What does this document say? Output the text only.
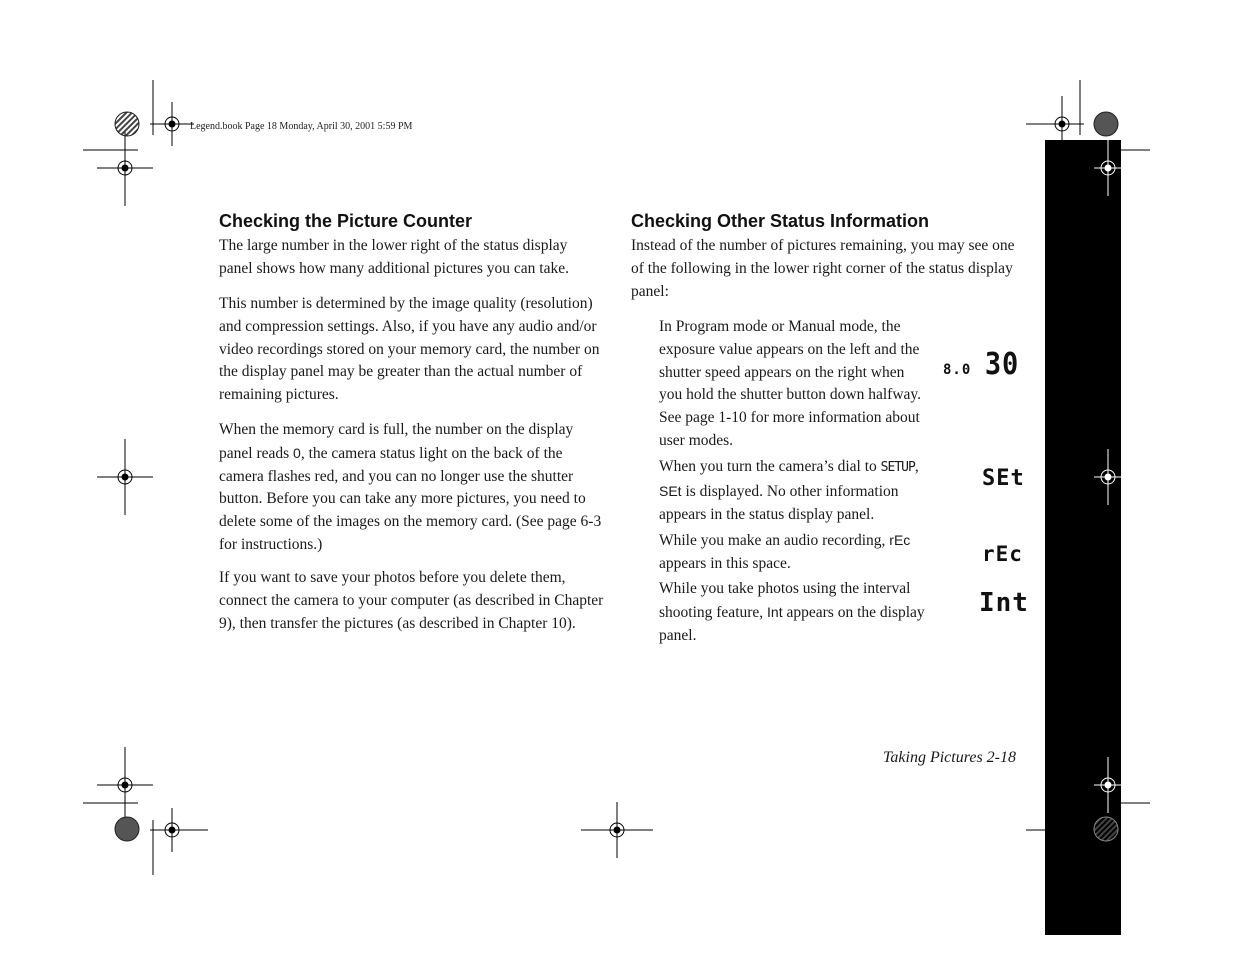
Legend.book Page 18 Monday, April 30, 2001 5:59 PM
Checking the Picture Counter

The large number in the lower right of the status display panel shows how many additional pictures you can take.

This number is determined by the image quality (resolution) and compression settings. Also, if you have any audio and/or video recordings stored on your memory card, the number on the display panel may be greater than the actual number of remaining pictures.

When the memory card is full, the number on the display panel reads 0, the camera status light on the back of the camera flashes red, and you can no longer use the shutter button. Before you can take any more pictures, you need to delete some of the images on the memory card. (See page 6-3 for instructions.)

If you want to save your photos before you delete them, connect the camera to your computer (as described in Chapter 9), then transfer the pictures (as described in Chapter 10).

Checking Other Status Information

Instead of the number of pictures remaining, you may see one of the following in the lower right corner of the status display panel:

In Program mode or Manual mode, the exposure value appears on the left and the shutter speed appears on the right when you hold the shutter button down halfway. See page 1-10 for more information about user modes.

When you turn the camera’s dial to SETUP,
SEt is displayed. No other information appears in the status display panel.

While you make an audio recording, rEc
appears in this space.

While you take photos using the interval shooting feature, Int appears on the display panel.

8.0 30
SEt
rEc
Int
Taking Pictures 2-18
